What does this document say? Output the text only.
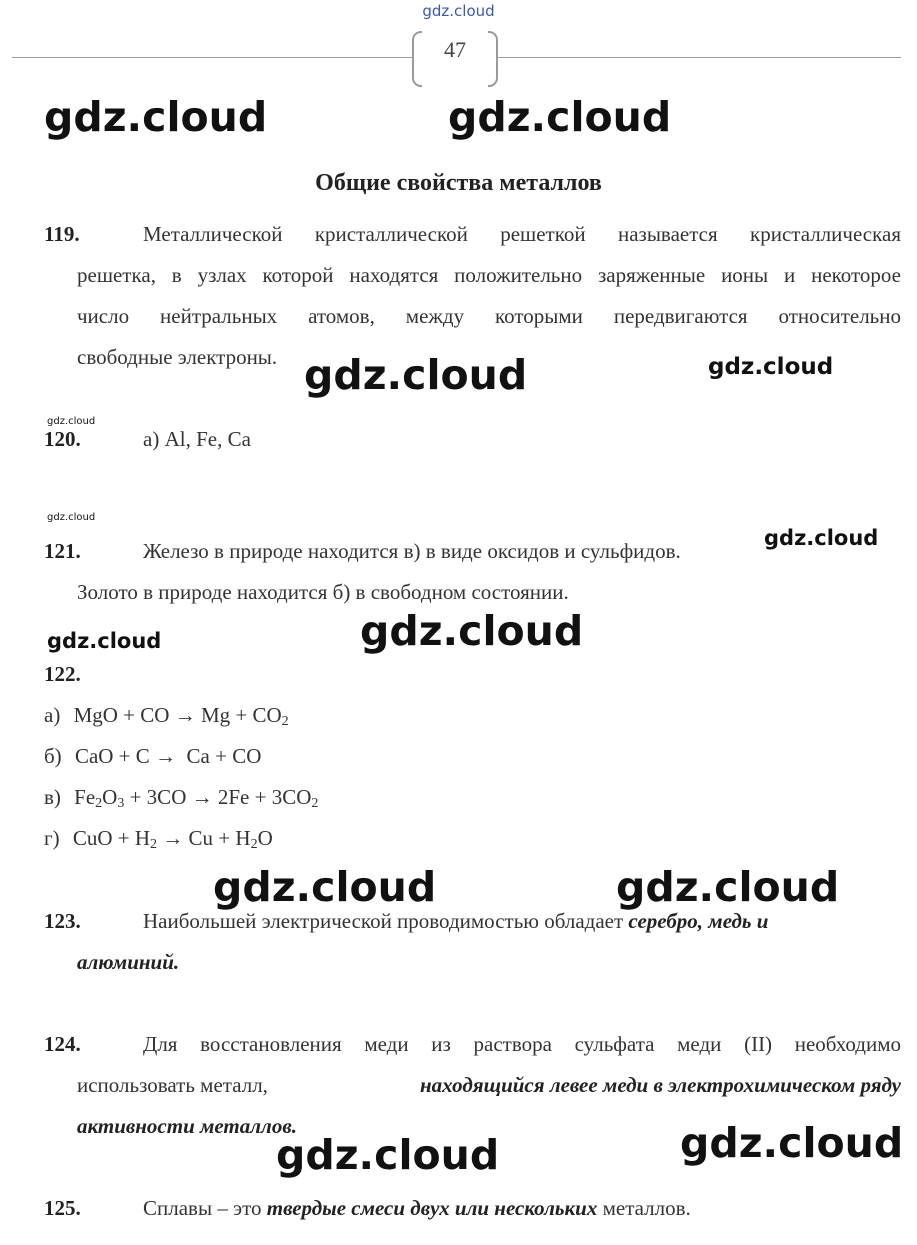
gdz.cloud
47
gdz.cloud	gdz.cloud
gdz.cloud	gdz.cloud
gdz.cloud
gdz.cloud
gdz.cloud
gdz.cloud	gdz.cloud
gdz.cloud	gdz.cloud
gdz.cloud
gdz.cloud
Общие свойства металлов
119.	Металлической кристаллической решеткой называется кристаллическая
решетка, в узлах которой находятся положительно заряженные ионы и некоторое
число нейтральных атомов, между которыми передвигаются относительно
свободные электроны.
120.	а) Al, Fe, Ca
121.	Железо в природе находится в) в виде оксидов и сульфидов.
Золото в природе находится б) в свободном состоянии.
122.
а) MgO + CO → $Mg + CO_2$
б) CaO + C →  Ca + CO
в) $Fe_2O_3 + 3CO \to 2Fe + 3CO_2$
г) CuO + $H_2 \to Cu + H_2O$
123.	Наибольшей электрической проводимостью обладает серебро, медь и
алюминий.
124.	Для восстановления меди из раствора сульфата меди (II) необходимо
использовать металл,	находящийся левее меди в электрохимическом ряду
активности металлов.
125.	Сплавы – это твердые смеси двух или нескольких металлов.
